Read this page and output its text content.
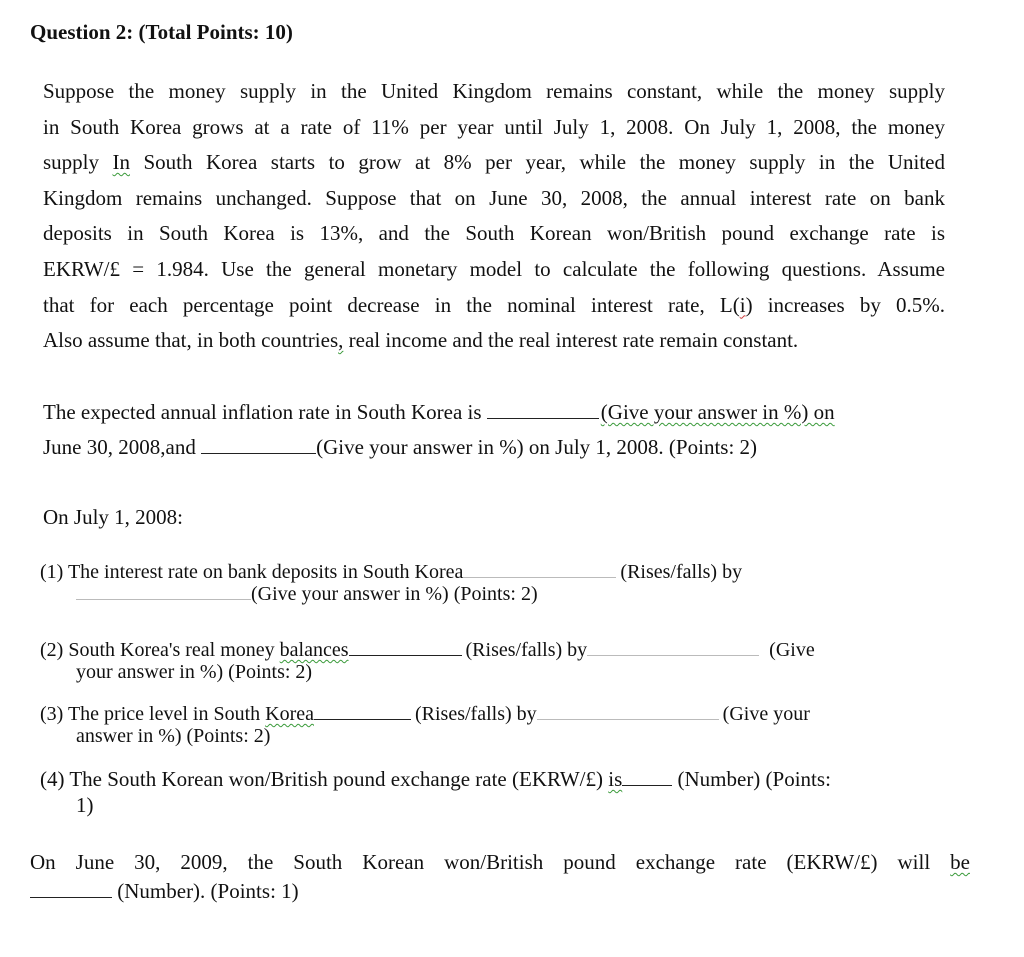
Question 2: (Total Points: 10)
Suppose the money supply in the United Kingdom remains constant, while the money supply
in South Korea grows at a rate of 11% per year until July 1, 2008. On July 1, 2008, the money
supply In South Korea starts to grow at 8% per year, while the money supply in the United
Kingdom remains unchanged. Suppose that on June 30, 2008, the annual interest rate on bank
deposits in South Korea is 13%, and the South Korean won/British pound exchange rate is
EKRW/£ = 1.984. Use the general monetary model to calculate the following questions. Assume
that for each percentage point decrease in the nominal interest rate, L(i) increases by 0.5%.
Also assume that, in both countries, real income and the real interest rate remain constant.
The expected annual inflation rate in South Korea is	(Give your answer in %) on
June 30, 2008,and	(Give your answer in %) on July 1, 2008. (Points: 2)
On July 1, 2008:
(1) The interest rate on bank deposits in South Korea	(Rises/falls) by
(Give your answer in %) (Points: 2)
(2) South Korea's real money balances	(Rises/falls) by	(Give
your answer in %) (Points: 2)
(3) The price level in South Korea	(Rises/falls) by	(Give your
answer in %) (Points: 2)
(4) The South Korean won/British pound exchange rate (EKRW/£) is (Number) (Points:
1)
On June 30, 2009, the South Korean won/British pound exchange rate (EKRW/£) will be
(Number). (Points: 1)
